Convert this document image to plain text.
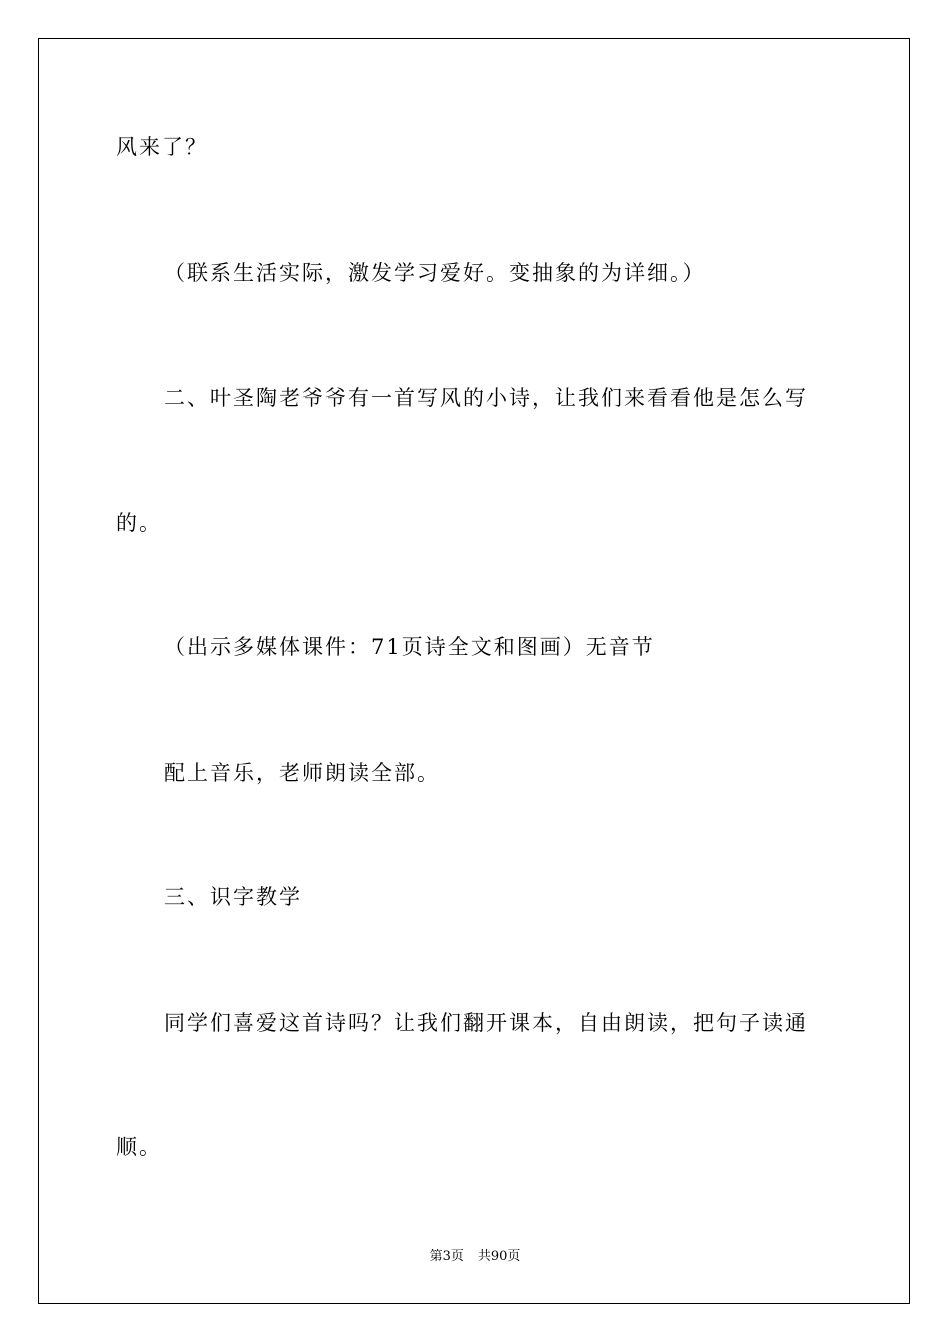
风来了？
（联系生活实际，激发学习爱好。变抽象的为详细。）
二、叶圣陶老爷爷有一首写风的小诗，让我们来看看他是怎么写
的。
（出示多媒体课件：71页诗全文和图画）无音节
配上音乐，老师朗读全部。
三、识字教学
同学们喜爱这首诗吗？让我们翻开课本，自由朗读，把句子读通
顺。
第3页 共90页
